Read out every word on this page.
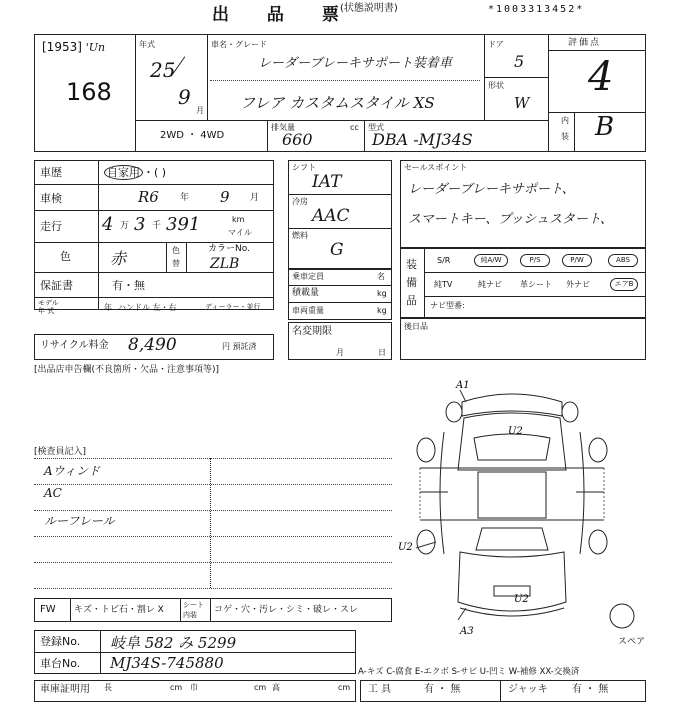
出 品 票
(状態説明書)	*1003313452*
[1953] 'Un
168
年式
25
9
月
車名・グレード
レーダーブレーキサポート装着車
フレア カスタムスタイル XS
ドア
5
形状
W
評価点
4
内
装 B
2WD ・ 4WD
排気量	cc
660
型式
DBA -MJ34S
車歴	自家用 ・( )
車検	R6 年 9 月
走行 4 万 3 千 391	km
マイル
色 赤	色
替
カラーNo.
ZLB
保証書	有・無
モデル
年 式	年 ハンドル 左・右	ディーラー・並行
リサイクル料金 8,490	円 預託済
シフト
IAT
冷房
AAC
燃料
G
乗車定員	名
積載量	kg
車両重量	kg
名変期限
月	日
セールスポイント
レーダーブレーキサポート、
スマートキー、プッシュスタート、
装
備
品
S/R	純A/W	P/S	P/W	ABS
純TV	純ナビ 革シート 外ナビ	エアB
ナビ型番:
後日品
[出品店申告欄(不良箇所・欠品・注意事項等)]
[検査員記入]
Aウィンド
AC
ルーフレール
A1
U2
U2
U2
A3
スペア
FW キズ・トビ石・割レ X	シート
内装 コゲ・穴・汚レ・シミ・破レ・スレ
登録No. 岐阜 582 み 5299
車台No. MJ34S-745880	A-キズ C-腐食 E-エクボ S-サビ U-凹ミ W-補修 XX-交換済
車庫証明用 長	cm 巾	cm 高	cm 工 具	有 ・ 無	ジャッキ 有 ・ 無
